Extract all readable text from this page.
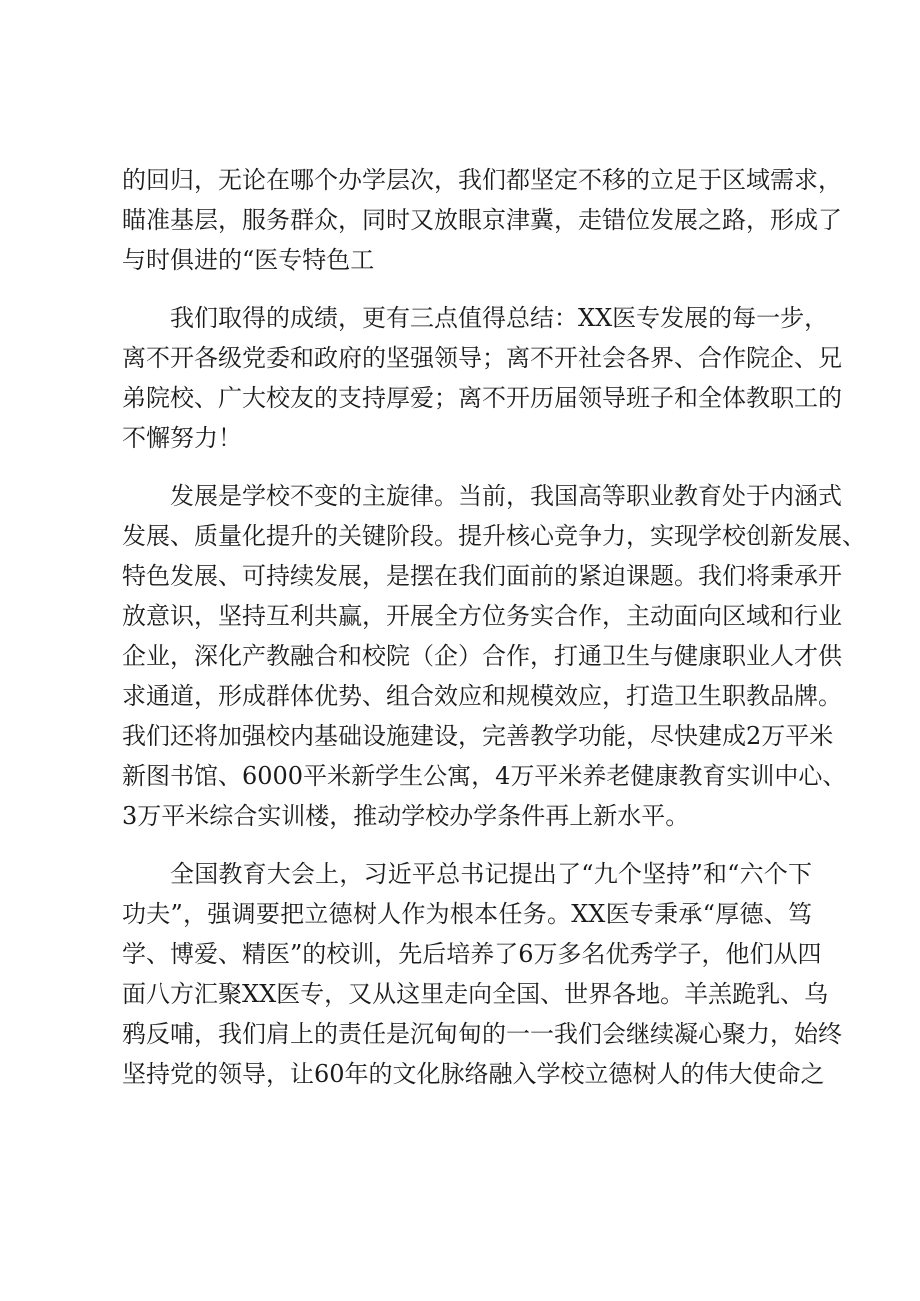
的回归，无论在哪个办学层次，我们都坚定不移的立足于区域需求，
瞄准基层，服务群众，同时又放眼京津冀，走错位发展之路，形成了
与时俱进的“医专特色工
我们取得的成绩，更有三点值得总结：XX医专发展的每一步，
离不开各级党委和政府的坚强领导；离不开社会各界、合作院企、兄
弟院校、广大校友的支持厚爱；离不开历届领导班子和全体教职工的
不懈努力！
发展是学校不变的主旋律。当前，我国高等职业教育处于内涵式
发展、质量化提升的关键阶段。提升核心竞争力，实现学校创新发展、
特色发展、可持续发展，是摆在我们面前的紧迫课题。我们将秉承开
放意识，坚持互利共赢，开展全方位务实合作，主动面向区域和行业
企业，深化产教融合和校院（企）合作，打通卫生与健康职业人才供
求通道，形成群体优势、组合效应和规模效应，打造卫生职教品牌。
我们还将加强校内基础设施建设，完善教学功能，尽快建成2万平米
新图书馆、6000平米新学生公寓，4万平米养老健康教育实训中心、
3万平米综合实训楼，推动学校办学条件再上新水平。
全国教育大会上，习近平总书记提出了“九个坚持”和“六个下
功夫”，强调要把立德树人作为根本任务。XX医专秉承“厚德、笃
学、博爱、精医”的校训，先后培养了6万多名优秀学子，他们从四
面八方汇聚XX医专，又从这里走向全国、世界各地。羊羔跪乳、乌
鸦反哺，我们肩上的责任是沉甸甸的一一我们会继续凝心聚力，始终
坚持党的领导，让60年的文化脉络融入学校立德树人的伟大使命之
